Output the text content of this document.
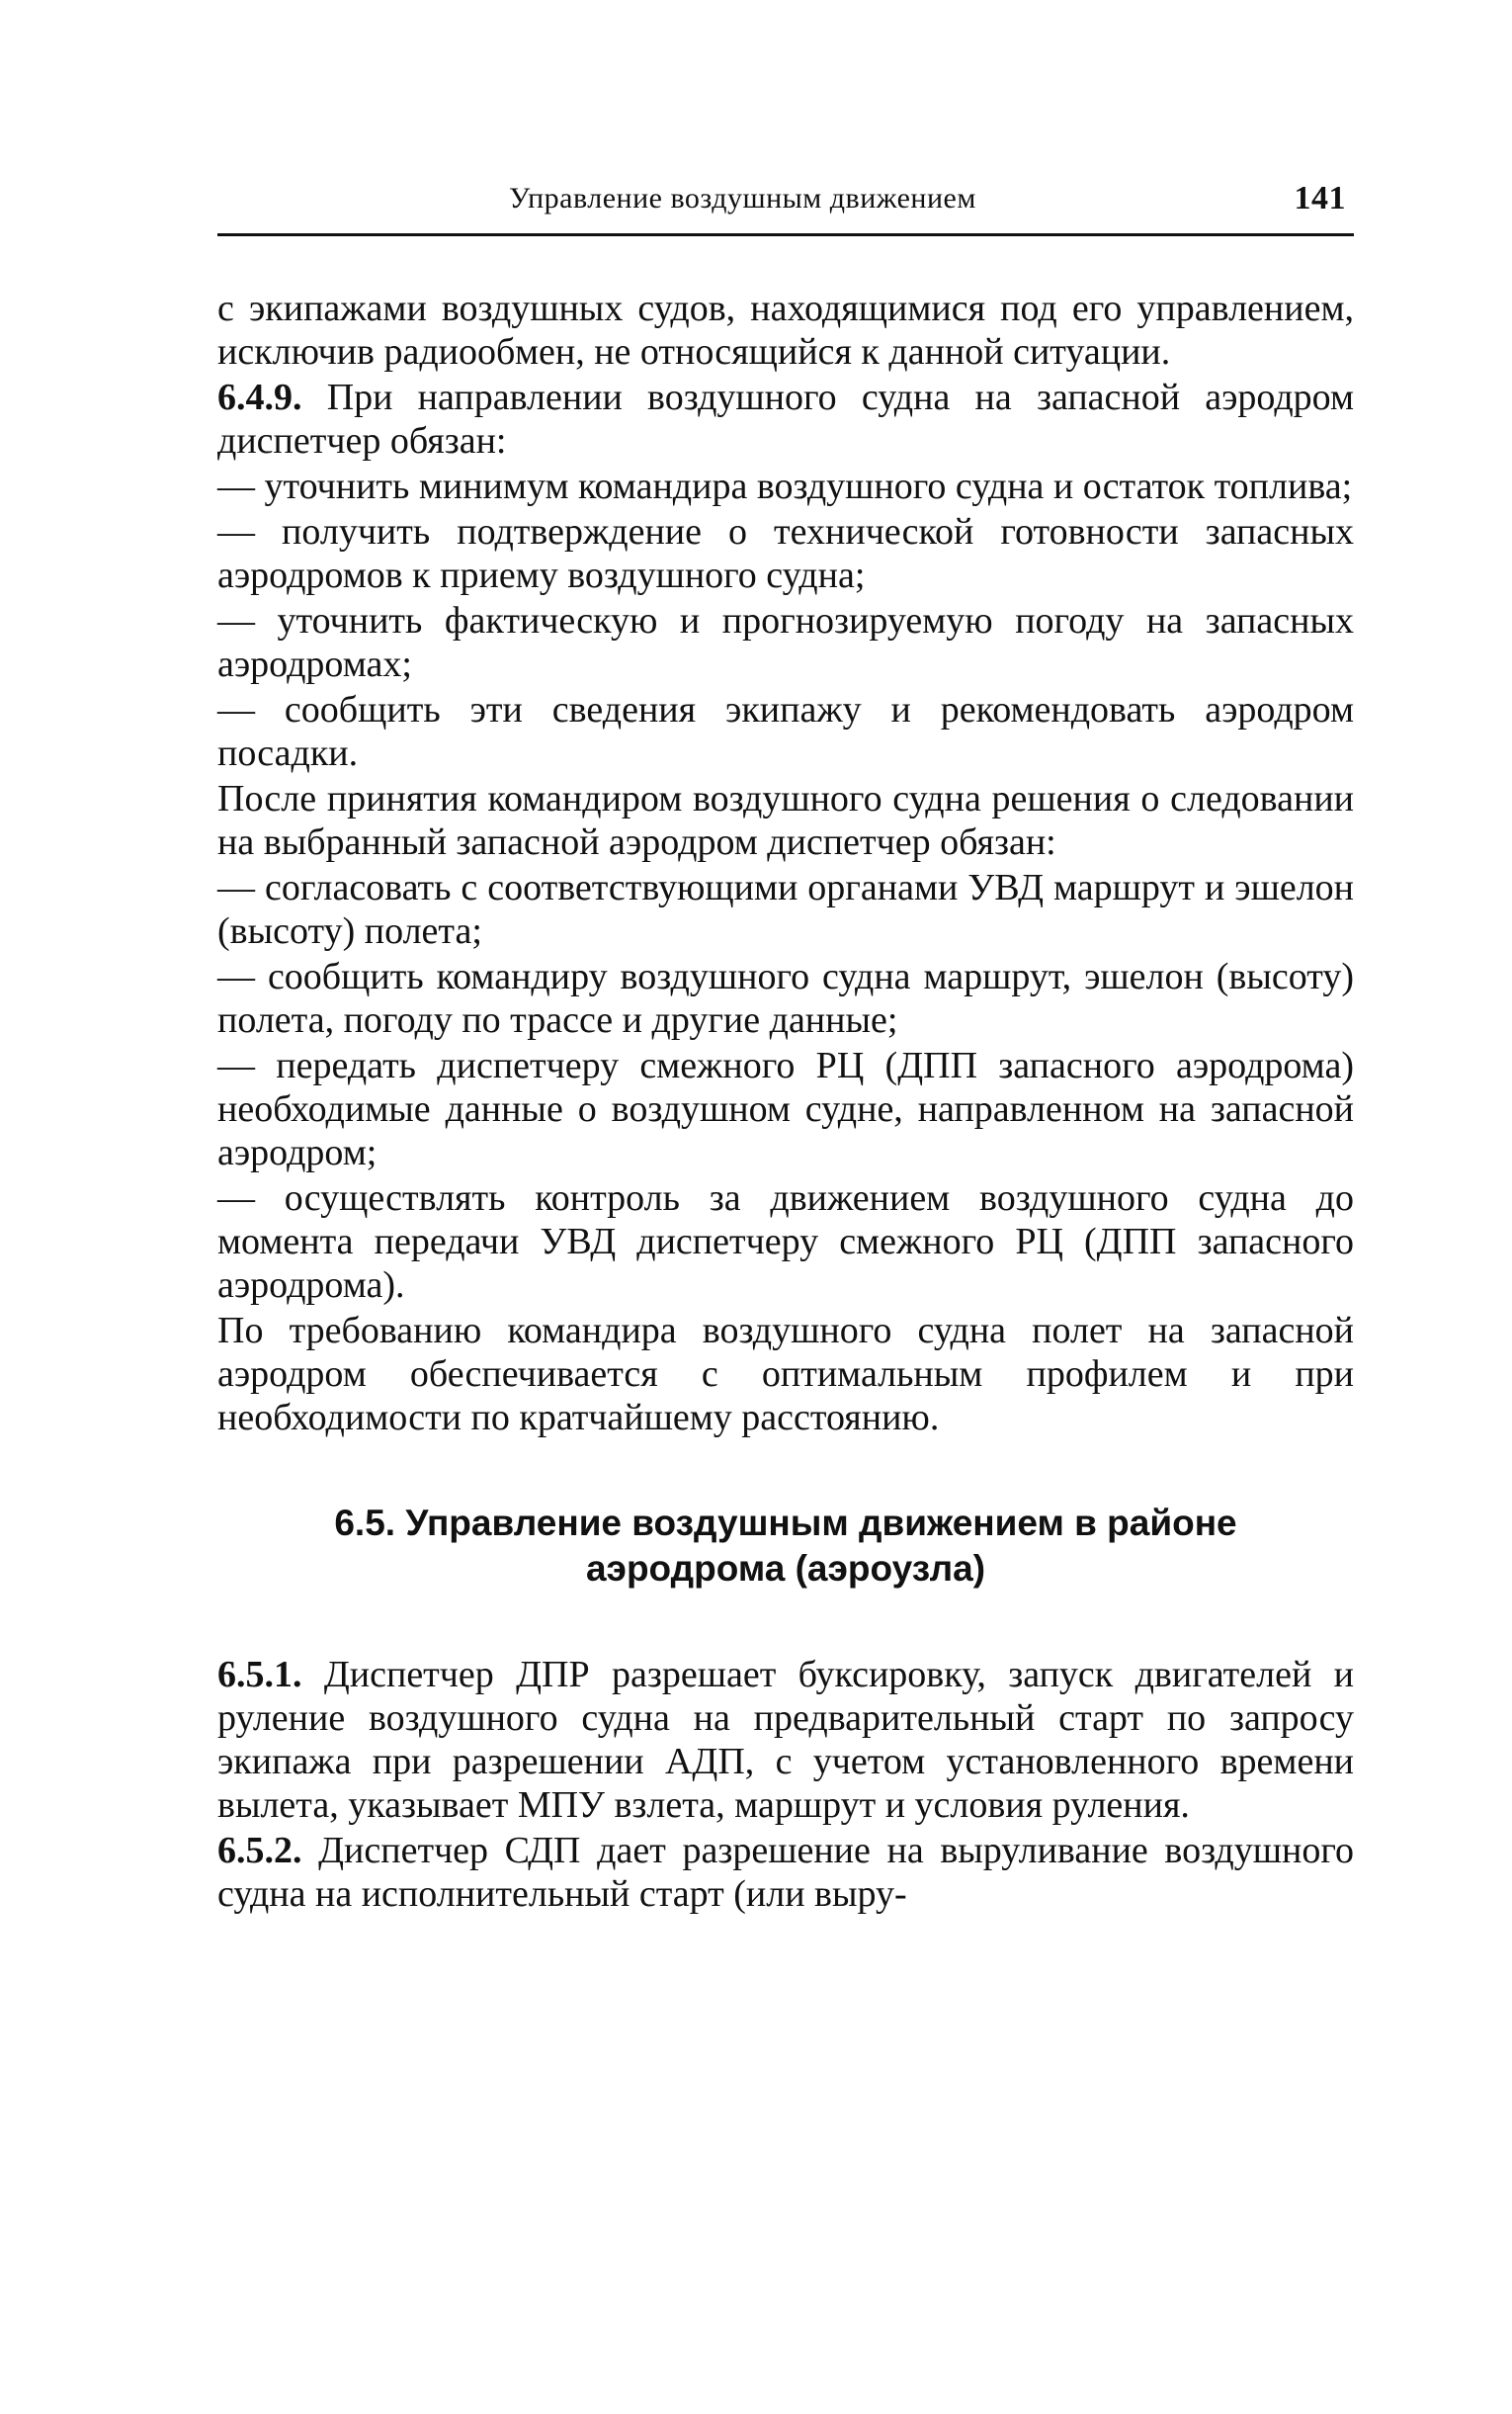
Управление воздушным движением	141

с экипажами воздушных судов, находящимися под его управлением, исключив радиообмен, не относящийся к данной ситуации.

6.4.9. При направлении воздушного судна на запасной аэродром диспетчер обязан:

— уточнить минимум командира воздушного судна и остаток топлива;

— получить подтверждение о технической готовности запасных аэродромов к приему воздушного судна;

— уточнить фактическую и прогнозируемую погоду на запасных аэродромах;

— сообщить эти сведения экипажу и рекомендовать аэродром посадки.

После принятия командиром воздушного судна решения о следовании на выбранный запасной аэродром диспетчер обязан:

— согласовать с соответствующими органами УВД маршрут и эшелон (высоту) полета;

— сообщить командиру воздушного судна маршрут, эшелон (высоту) полета, погоду по трассе и другие данные;

— передать диспетчеру смежного РЦ (ДПП запасного аэродрома) необходимые данные о воздушном судне, направленном на запасной аэродром;

— осуществлять контроль за движением воздушного судна до момента передачи УВД диспетчеру смежного РЦ (ДПП запасного аэродрома).

По требованию командира воздушного судна полет на запасной аэродром обеспечивается с оптимальным профилем и при необходимости по кратчайшему расстоянию.

6.5. Управление воздушным движением в районе
аэродрома (аэроузла)

6.5.1. Диспетчер ДПР разрешает буксировку, запуск двигателей и руление воздушного судна на предварительный старт по запросу экипажа при разрешении АДП, с учетом установленного времени вылета, указывает МПУ взлета, маршрут и условия руления.

6.5.2. Диспетчер СДП дает разрешение на выруливание воздушного судна на исполнительный старт (или выру-
